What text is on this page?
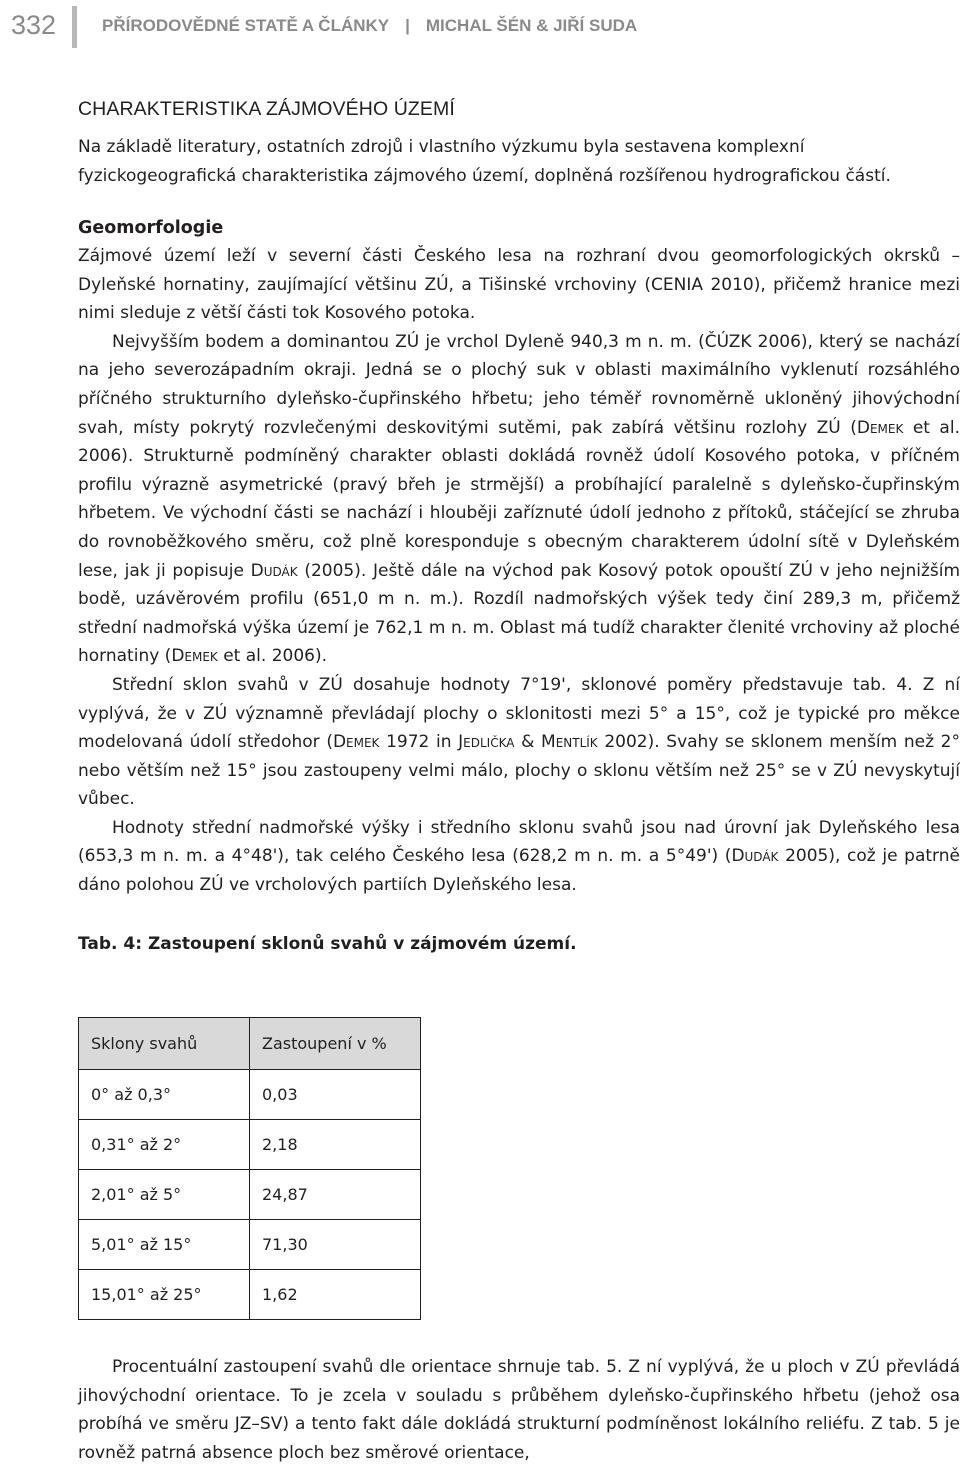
332	PŘÍRODOVĚDNÉ STATĚ A ČLÁNKY | MICHAL ŠÉN & JIŘÍ SUDA
CHARAKTERISTIKA ZÁJMOVÉHO ÚZEMÍ

Na základě literatury, ostatních zdrojů i vlastního výzkumu byla sestavena komplexní fyzickogeografická charakteristika zájmového území, doplněná rozšířenou hydrografickou částí.

Geomorfologie

Zájmové území leží v severní části Českého lesa na rozhraní dvou geomorfologických okrsků – Dyleňské hornatiny, zaujímající většinu ZÚ, a Tišinské vrchoviny (CENIA 2010), přičemž hranice mezi nimi sleduje z větší části tok Kosového potoka.

Nejvyšším bodem a dominantou ZÚ je vrchol Dyleně 940,3 m n. m. (ČÚZK 2006), který se nachází na jeho severozápadním okraji. Jedná se o plochý suk v oblasti maximálního vyklenutí rozsáhlého příčného strukturního dyleňsko-čupřinského hřbetu; jeho téměř rovnoměrně ukloněný jihovýchodní svah, místy pokrytý rozvlečenými deskovitými sutěmi, pak zabírá většinu rozlohy ZÚ (Demek et al. 2006). Strukturně podmíněný charakter oblasti dokládá rovněž údolí Kosového potoka, v příčném profilu výrazně asymetrické (pravý břeh je strmější) a probíhající paralelně s dyleňsko-čupřinským hřbetem. Ve východní části se nachází i hlouběji zaříznuté údolí jednoho z přítoků, stáčející se zhruba do rovnoběžkového směru, což plně koresponduje s obecným charakterem údolní sítě v Dyleňském lese, jak ji popisuje Dudák (2005). Ještě dále na východ pak Kosový potok opouští ZÚ v jeho nejnižším bodě, uzávěrovém profilu (651,0 m n. m.). Rozdíl nadmořských výšek tedy činí 289,3 m, přičemž střední nadmořská výška území je 762,1 m n. m. Oblast má tudíž charakter členité vrchoviny až ploché hornatiny (Demek et al. 2006).

Střední sklon svahů v ZÚ dosahuje hodnoty 7°19', sklonové poměry představuje tab. 4. Z ní vyplývá, že v ZÚ významně převládají plochy o sklonitosti mezi 5° a 15°, což je typické pro měkce modelovaná údolí středohor (Demek 1972 in Jedlička & Mentlík 2002). Svahy se sklonem menším než 2° nebo větším než 15° jsou zastoupeny velmi málo, plochy o sklonu větším než 25° se v ZÚ nevyskytují vůbec.

Hodnoty střední nadmořské výšky i středního sklonu svahů jsou nad úrovní jak Dyleňského lesa (653,3 m n. m. a 4°48'), tak celého Českého lesa (628,2 m n. m. a 5°49') (Dudák 2005), což je patrně dáno polohou ZÚ ve vrcholových partiích Dyleňského lesa.

Tab. 4: Zastoupení sklonů svahů v zájmovém území.

Sklony svahů	Zastoupení v %
0° až 0,3°	0,03
0,31° až 2°	2,18
2,01° až 5°	24,87
5,01° až 15°	71,30
15,01° až 25°	1,62

Procentuální zastoupení svahů dle orientace shrnuje tab. 5. Z ní vyplývá, že u ploch v ZÚ převládá jihovýchodní orientace. To je zcela v souladu s průběhem dyleňsko-čupřinského hřbetu (jehož osa probíhá ve směru JZ–SV) a tento fakt dále dokládá strukturní podmíněnost lokálního reliéfu. Z tab. 5 je rovněž patrná absence ploch bez směrové orientace,
